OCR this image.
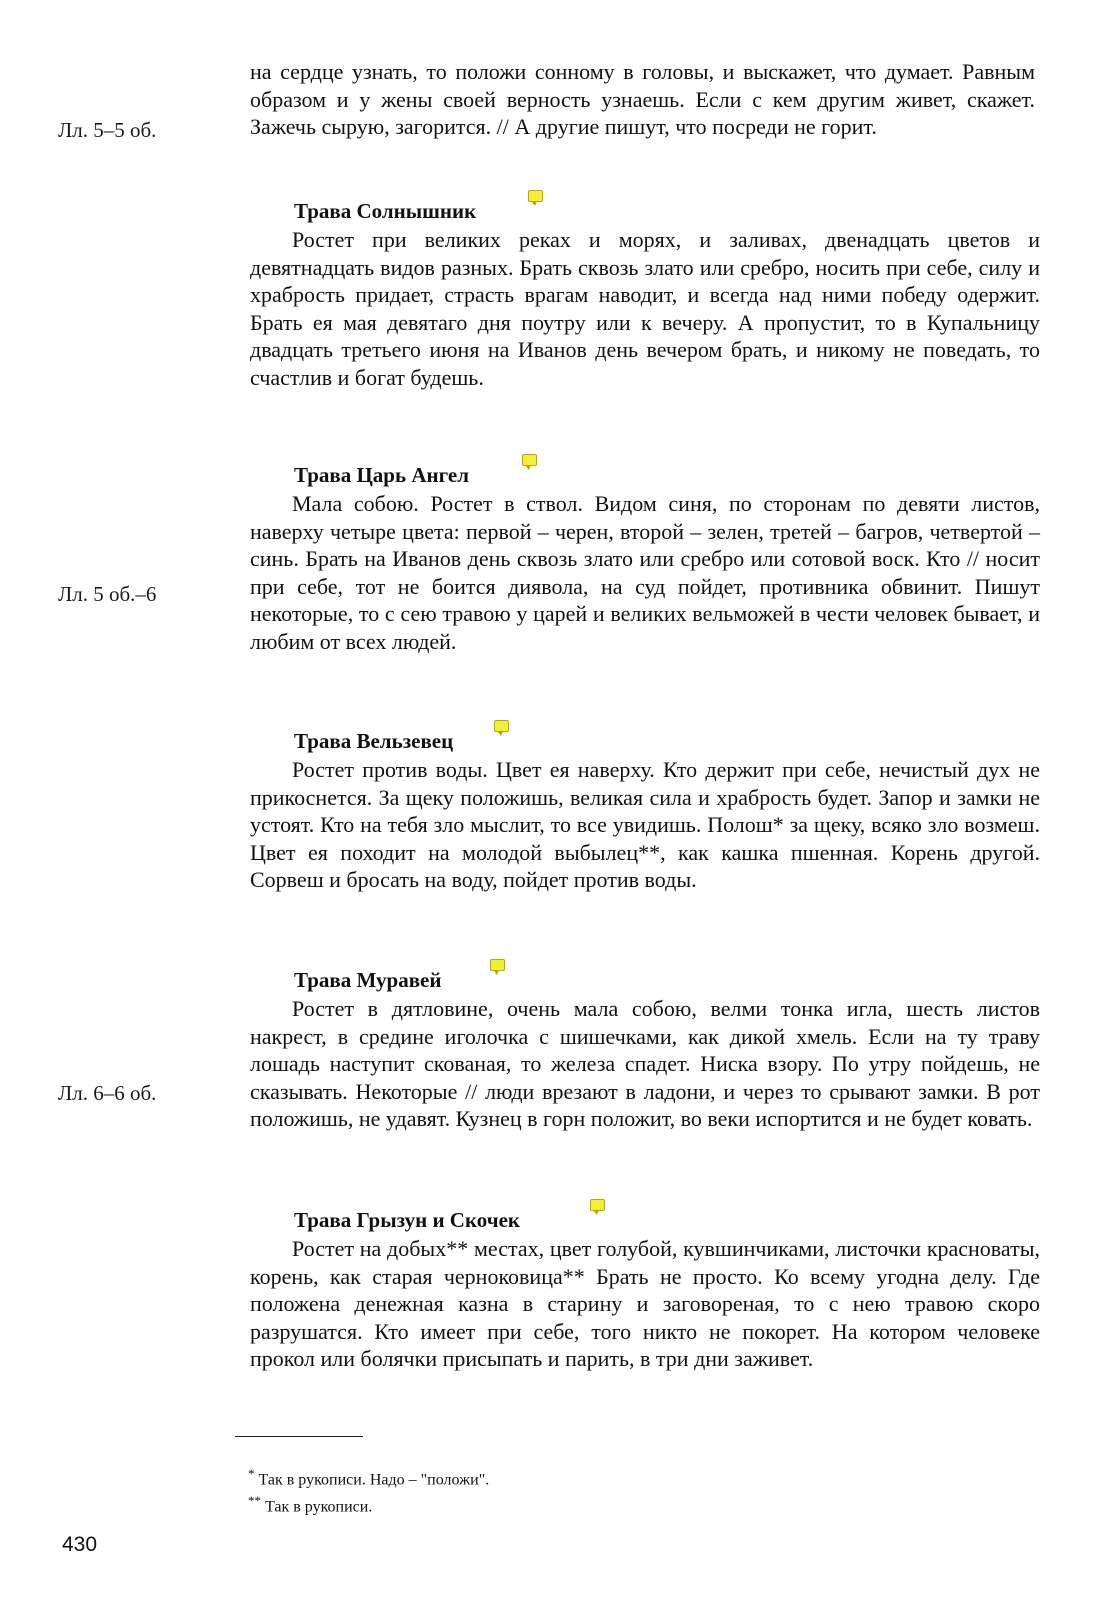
Лл. 5–5 об.
Лл. 5 об.–6
Лл. 6–6 об.

на сердце узнать, то положи сонному в головы, и выскажет, что думает. Равным образом и у жены своей верность узнаешь. Если с кем другим живет, скажет. Зажечь сырую, загорится. // А другие пишут, что посреди не горит.

Трава Солнышник

Ростет при великих реках и морях, и заливах, двенадцать цветов и девятнадцать видов разных. Брать сквозь злато или сребро, носить при себе, силу и храбрость придает, страсть врагам наводит, и всегда над ними победу одержит. Брать ея мая девятаго дня поутру или к вечеру. А пропустит, то в Купальницу двадцать третьего июня на Иванов день вечером брать, и никому не поведать, то счастлив и богат будешь.

Трава Царь Ангел

Мала собою. Ростет в ствол. Видом синя, по сторонам по девяти листов, наверху четыре цвета: первой – черен, второй – зелен, третей – багров, четвертой – синь. Брать на Иванов день сквозь злато или сребро или сотовой воск. Кто // носит при себе, тот не боится диявола, на суд пойдет, противника обвинит. Пишут некоторые, то с сею травою у царей и великих вельможей в чести человек бывает, и любим от всех людей.

Трава Вельзевец

Ростет против воды. Цвет ея наверху. Кто держит при себе, нечистый дух не прикоснется. За щеку положишь, великая сила и храбрость будет. Запор и замки не устоят. Кто на тебя зло мыслит, то все увидишь. Полош* за щеку, всяко зло возмеш. Цвет ея походит на молодой выбылец**, как кашка пшенная. Корень другой. Сорвеш и бросать на воду, пойдет против воды.

Трава Муравей

Ростет в дятловине, очень мала собою, велми тонка игла, шесть листов накрест, в средине иголочка с шишечками, как дикой хмель. Если на ту траву лошадь наступит скованая, то железа спадет. Ниска взору. По утру пойдешь, не сказывать. Некоторые // люди врезают в ладони, и через то срывают замки. В рот положишь, не удавят. Кузнец в горн положит, во веки испортится и не будет ковать.

Трава Грызун и Скочек

Ростет на добых** местах, цвет голубой, кувшинчиками, листочки красноваты, корень, как старая черноковица** Брать не просто. Ко всему угодна делу. Где положена денежная казна в старину и заговореная, то с нею травою скоро разрушатся. Кто имеет при себе, того никто не покорет. На котором человеке прокол или болячки присыпать и парить, в три дни заживет.

* Так в рукописи. Надо – "положи".
** Так в рукописи.
430
